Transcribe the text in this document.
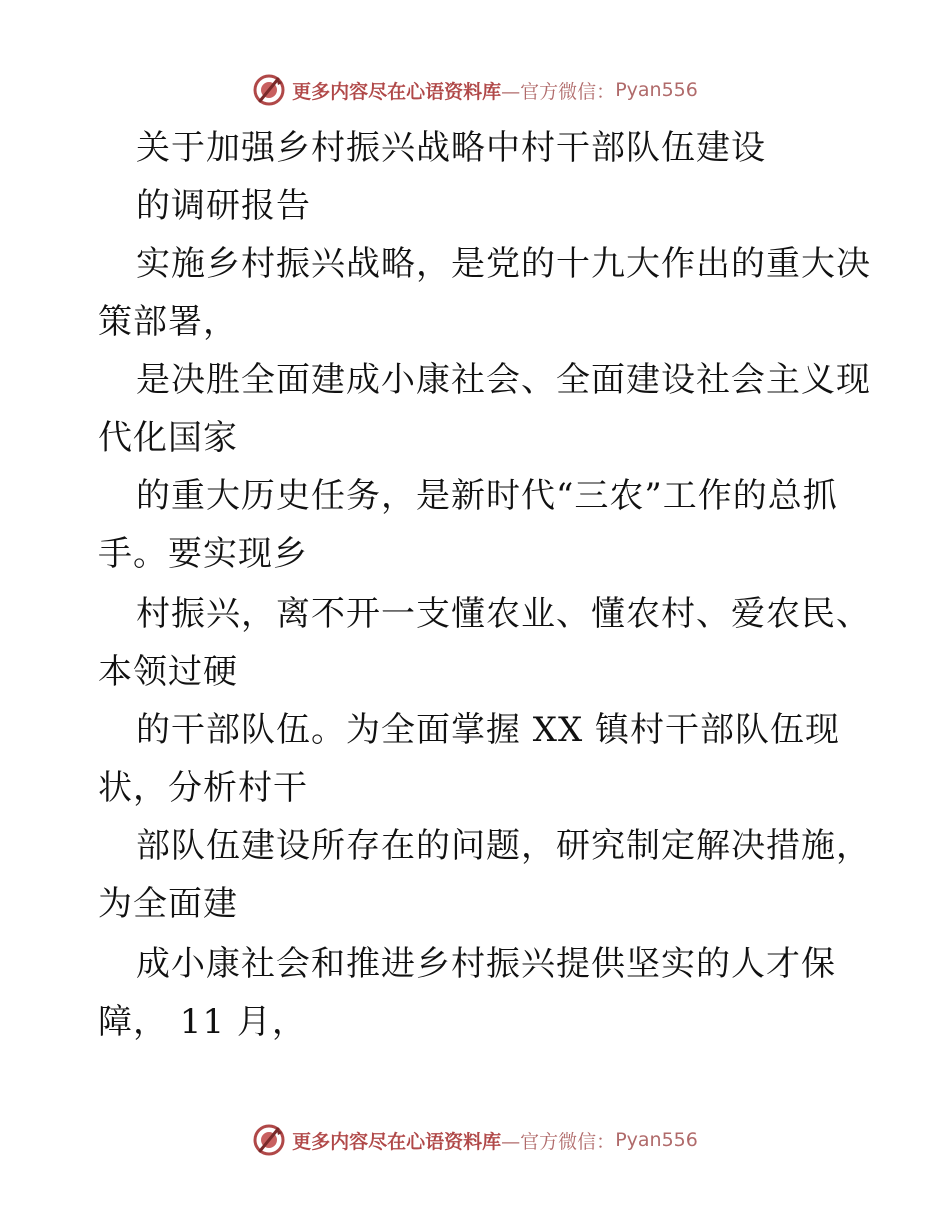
更多内容尽在心语资料库 —官方微信： Pyan556
关于加强乡村振兴战略中村干部队伍建设
的调研报告
实施乡村振兴战略，是党的十九大作出的重大决
策部署，
是决胜全面建成小康社会、全面建设社会主义现
代化国家
的重大历史任务，是新时代“三农”工作的总抓
手。要实现乡
村振兴，离不开一支懂农业、懂农村、爱农民、
本领过硬
的干部队伍。为全面掌握 XX 镇村干部队伍现
状，分析村干
部队伍建设所存在的问题，研究制定解决措施，
为全面建
成小康社会和推进乡村振兴提供坚实的人才保
障， 11 月，
更多内容尽在心语资料库 —官方微信： Pyan556
